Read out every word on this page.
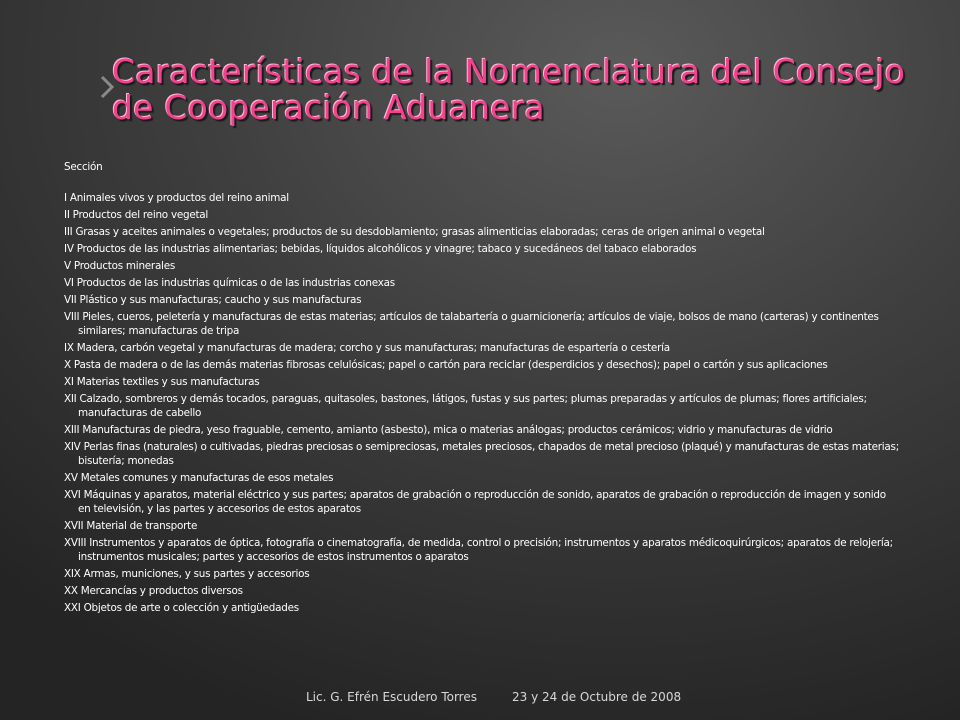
Características de la Nomenclatura del Consejo de Cooperación Aduanera
Sección
I Animales vivos y productos del reino animal
II Productos del reino vegetal
III Grasas y aceites animales o vegetales; productos de su desdoblamiento; grasas alimenticias elaboradas; ceras de origen animal o vegetal
IV Productos de las industrias alimentarias; bebidas, líquidos alcohólicos y vinagre; tabaco y sucedáneos del tabaco elaborados
V Productos minerales
VI Productos de las industrias químicas o de las industrias conexas
VII Plástico y sus manufacturas; caucho y sus manufacturas
VIII Pieles, cueros, peletería y manufacturas de estas materias; artículos de talabartería o guarnicionería; artículos de viaje, bolsos de mano (carteras) y continentes similares; manufacturas de tripa
IX Madera, carbón vegetal y manufacturas de madera; corcho y sus manufacturas; manufacturas de espartería o cestería
X Pasta de madera o de las demás materias fibrosas celulósicas; papel o cartón para reciclar (desperdicios y desechos); papel o cartón y sus aplicaciones
XI Materias textiles y sus manufacturas
XII Calzado, sombreros y demás tocados, paraguas, quitasoles, bastones, látigos, fustas y sus partes; plumas preparadas y artículos de plumas; flores artificiales; manufacturas de cabello
XIII Manufacturas de piedra, yeso fraguable, cemento, amianto (asbesto), mica o materias análogas; productos cerámicos; vidrio y manufacturas de vidrio
XIV Perlas finas (naturales) o cultivadas, piedras preciosas o semipreciosas, metales preciosos, chapados de metal precioso (plaqué) y manufacturas de estas materias; bisutería; monedas
XV Metales comunes y manufacturas de esos metales
XVI Máquinas y aparatos, material eléctrico y sus partes; aparatos de grabación o reproducción de sonido, aparatos de grabación o reproducción de imagen y sonido en televisión, y las partes y accesorios de estos aparatos
XVII Material de transporte
XVIII Instrumentos y aparatos de óptica, fotografía o cinematografía, de medida, control o precisión; instrumentos y aparatos médicoquirúrgicos; aparatos de relojería; instrumentos musicales; partes y accesorios de estos instrumentos o aparatos
XIX Armas, municiones, y sus partes y accesorios
XX Mercancías y productos diversos
XXI Objetos de arte o colección y antigüedades
Lic. G. Efrén Escudero Torres	23 y 24 de Octubre de 2008
